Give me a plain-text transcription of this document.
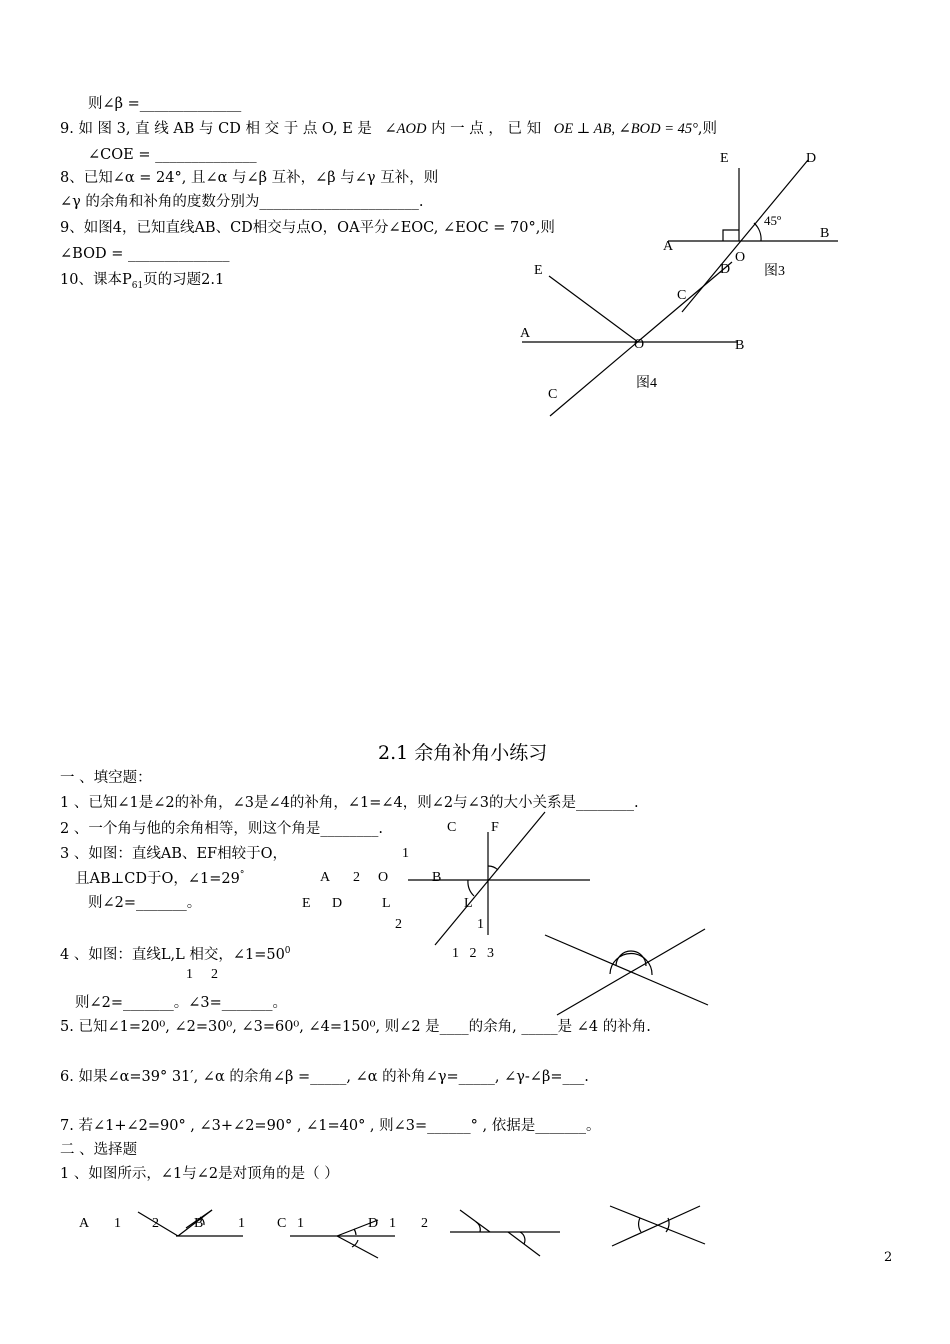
则∠β =______________
9. 如 图 3, 直 线 AB 与 CD 相 交 于 点 O, E 是 ∠AOD 内 一 点 ， 已 知 OE ⊥ AB, ∠BOD = 45°,则
∠COE = ______________
8、已知∠α = 24°, 且∠α 与∠β 互补，∠β 与∠γ 互补，则
∠γ 的余角和补角的度数分别为______________________.
9、如图4，已知直线AB、CD相交与点O，OA平分∠EOC, ∠EOC = 70°,则
∠BOD = ______________
10、课本$P_{61}$页的习题2.1
E	D
45º
A
B
O
C
图3
E	D
A
O	B
C
图4
2.1 余角补角小练习
一 、填空题：
1 、已知∠1是∠2的补角，∠3是∠4的补角，∠1=∠4，则∠2与∠3的大小关系是________.
2 、一个角与他的余角相等，则这个角是________.
3 、如图：直线AB、EF相较于O，
且AB⊥CD于O，∠1=29°
则∠2=_______。
C F
1
A 2 O	B
E D	L
2
L
1
4 、如图：直线L,L 相交，$\angle 1=50^0$
1 2
1   2   3
则∠2=_______。∠3=_______。
5. 已知∠1=20⁰, ∠2=30⁰, ∠3=60⁰, ∠4=150⁰, 则∠2 是____的余角, _____是 ∠4 的补角.
6. 如果∠α=39° 31′, ∠α 的余角∠β =_____, ∠α 的补角∠γ=_____, ∠γ-∠β=___.
7. 若∠1+∠2=90° , ∠3+∠2=90° , ∠1=40° , 则∠3=______° , 依据是_______。
二 、选择题
1 、如图所示，∠1与∠2是对顶角的是（ ）
A 1 2	B 1 C 1	D 1 2
2
